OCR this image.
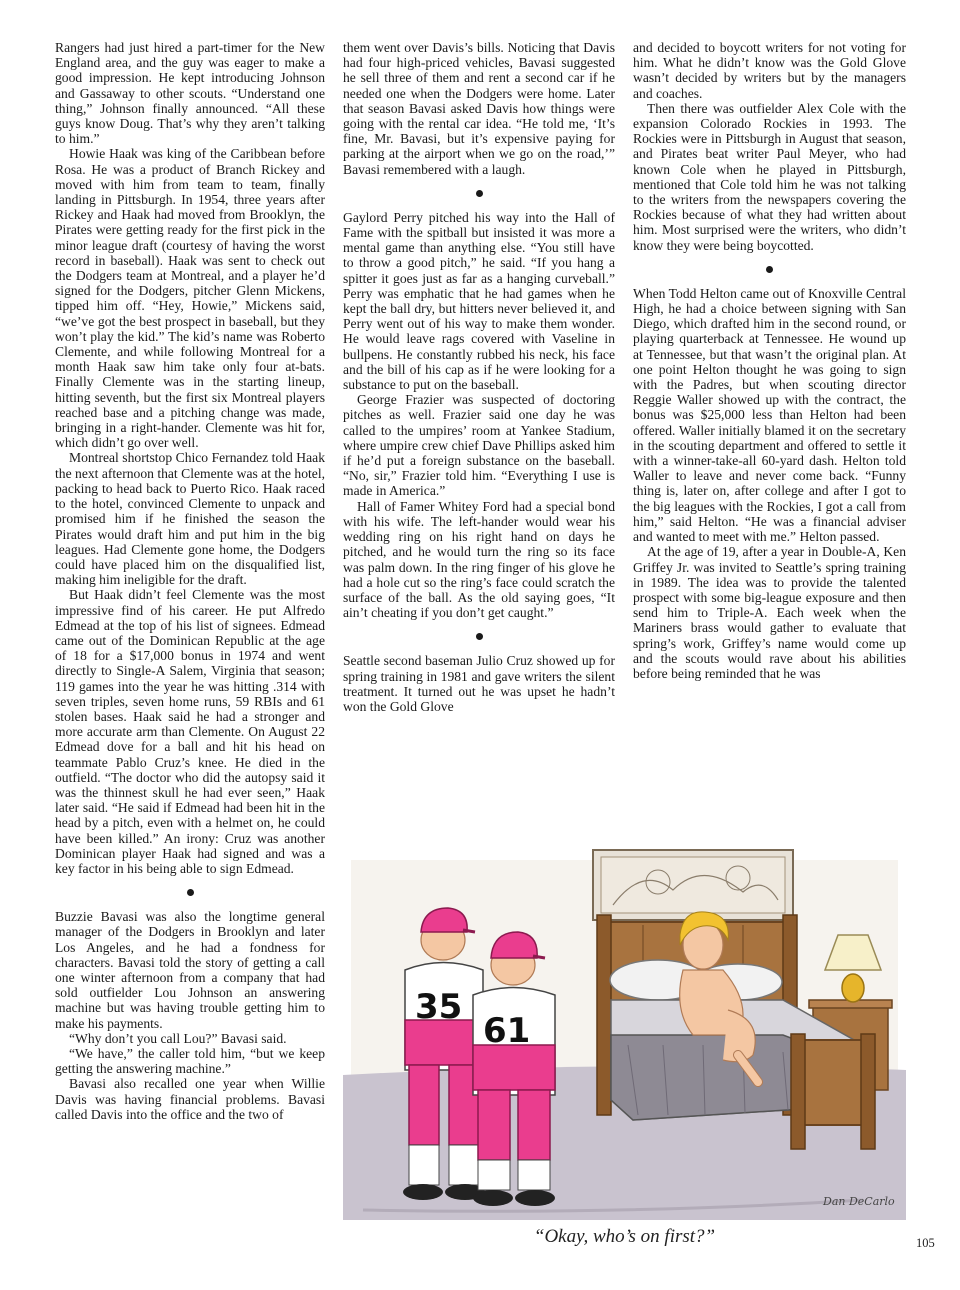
Rangers had just hired a part-timer for the New England area, and the guy was eager to make a good impression. He kept introducing Johnson and Gassaway to other scouts. “Understand one thing,” Johnson finally announced. “All these guys know Doug. That’s why they aren’t talking to him.”

Howie Haak was king of the Caribbean before Rosa. He was a product of Branch Rickey and moved with him from team to team, finally landing in Pittsburgh. In 1954, three years after Rickey and Haak had moved from Brooklyn, the Pirates were getting ready for the first pick in the minor league draft (courtesy of having the worst record in baseball). Haak was sent to check out the Dodgers team at Montreal, and a player he’d signed for the Dodgers, pitcher Glenn Mickens, tipped him off. “Hey, Howie,” Mickens said, “we’ve got the best prospect in baseball, but they won’t play the kid.” The kid’s name was Roberto Clemente, and while following Montreal for a month Haak saw him take only four at-bats. Finally Clemente was in the starting lineup, hitting seventh, but the first six Montreal players reached base and a pitching change was made, bringing in a right-hander. Clemente was hit for, which didn’t go over well.

Montreal shortstop Chico Fernandez told Haak the next afternoon that Clemente was at the hotel, packing to head back to Puerto Rico. Haak raced to the hotel, convinced Clemente to unpack and promised him if he finished the season the Pirates would draft him and put him in the big leagues. Had Clemente gone home, the Dodgers could have placed him on the disqualified list, making him ineligible for the draft.

But Haak didn’t feel Clemente was the most impressive find of his career. He put Alfredo Edmead at the top of his list of signees. Edmead came out of the Dominican Republic at the age of 18 for a $17,000 bonus in 1974 and went directly to Single-A Salem, Virginia that season; 119 games into the year he was hitting .314 with seven triples, seven home runs, 59 RBIs and 61 stolen bases. Haak said he had a stronger and more accurate arm than Clemente. On August 22 Edmead dove for a ball and hit his head on teammate Pablo Cruz’s knee. He died in the outfield. “The doctor who did the autopsy said it was the thinnest skull he had ever seen,” Haak later said. “He said if Edmead had been hit in the head by a pitch, even with a helmet on, he could have been killed.” An irony: Cruz was another Dominican player Haak had signed and was a key factor in his being able to sign Edmead.

Buzzie Bavasi was also the longtime general manager of the Dodgers in Brooklyn and later Los Angeles, and he had a fondness for characters. Bavasi told the story of getting a call one winter afternoon from a company that had sold outfielder Lou Johnson an answering machine but was having trouble getting him to make his payments.

“Why don’t you call Lou?” Bavasi said.

“We have,” the caller told him, “but we keep getting the answering machine.”

Bavasi also recalled one year when Willie Davis was having financial problems. Bavasi called Davis into the office and the two of

them went over Davis’s bills. Noticing that Davis had four high-priced vehicles, Bavasi suggested he sell three of them and rent a second car if he needed one when the Dodgers were home. Later that season Bavasi asked Davis how things were going with the rental car idea. “He told me, ‘It’s fine, Mr. Bavasi, but it’s expensive paying for parking at the airport when we go on the road,’” Bavasi remembered with a laugh.

Gaylord Perry pitched his way into the Hall of Fame with the spitball but insisted it was more a mental game than anything else. “You still have to throw a good pitch,” he said. “If you hang a spitter it goes just as far as a hanging curveball.” Perry was emphatic that he had games when he kept the ball dry, but hitters never believed it, and Perry went out of his way to make them wonder. He would leave rags covered with Vaseline in bullpens. He constantly rubbed his neck, his face and the bill of his cap as if he were looking for a substance to put on the baseball.

George Frazier was suspected of doctoring pitches as well. Frazier said one day he was called to the umpires’ room at Yankee Stadium, where umpire crew chief Dave Phillips asked him if he’d put a foreign substance on the baseball. “No, sir,” Frazier told him. “Everything I use is made in America.”

Hall of Famer Whitey Ford had a special bond with his wife. The left-hander would wear his wedding ring on his right hand on days he pitched, and he would turn the ring so its face was palm down. In the ring finger of his glove he had a hole cut so the ring’s face could scratch the surface of the ball. As the old saying goes, “It ain’t cheating if you don’t get caught.”

Seattle second baseman Julio Cruz showed up for spring training in 1981 and gave writers the silent treatment. It turned out he was upset he hadn’t won the Gold Glove

and decided to boycott writers for not voting for him. What he didn’t know was the Gold Glove wasn’t decided by writers but by the managers and coaches.

Then there was outfielder Alex Cole with the expansion Colorado Rockies in 1993. The Rockies were in Pittsburgh in August that season, and Pirates beat writer Paul Meyer, who had known Cole when he played in Pittsburgh, mentioned that Cole told him he was not talking to the writers from the newspapers covering the Rockies because of what they had written about him. Most surprised were the writers, who didn’t know they were being boycotted.

When Todd Helton came out of Knoxville Central High, he had a choice between signing with San Diego, which drafted him in the second round, or playing quarterback at Tennessee. He wound up at Tennessee, but that wasn’t the original plan. At one point Helton thought he was going to sign with the Padres, but when scouting director Reggie Waller showed up with the contract, the bonus was $25,000 less than Helton had been offered. Waller initially blamed it on the secretary in the scouting department and offered to settle it with a winner-take-all 60-yard dash. Helton told Waller to leave and never come back. “Funny thing is, later on, after college and after I got to the big leagues with the Rockies, I got a call from him,” said Helton. “He was a financial adviser and wanted to meet with me.” Helton passed.

At the age of 19, after a year in Double-A, Ken Griffey Jr. was invited to Seattle’s spring training in 1989. The idea was to provide the talented prospect with some big-league exposure and then send him to Triple-A. Each week when the Mariners brass would gather to evaluate that spring’s work, Griffey’s name would come up and the scouts would rave about his abilities before being reminded that he was

35
61
Dan DeCarlo
“Okay, who’s on first?”	105
